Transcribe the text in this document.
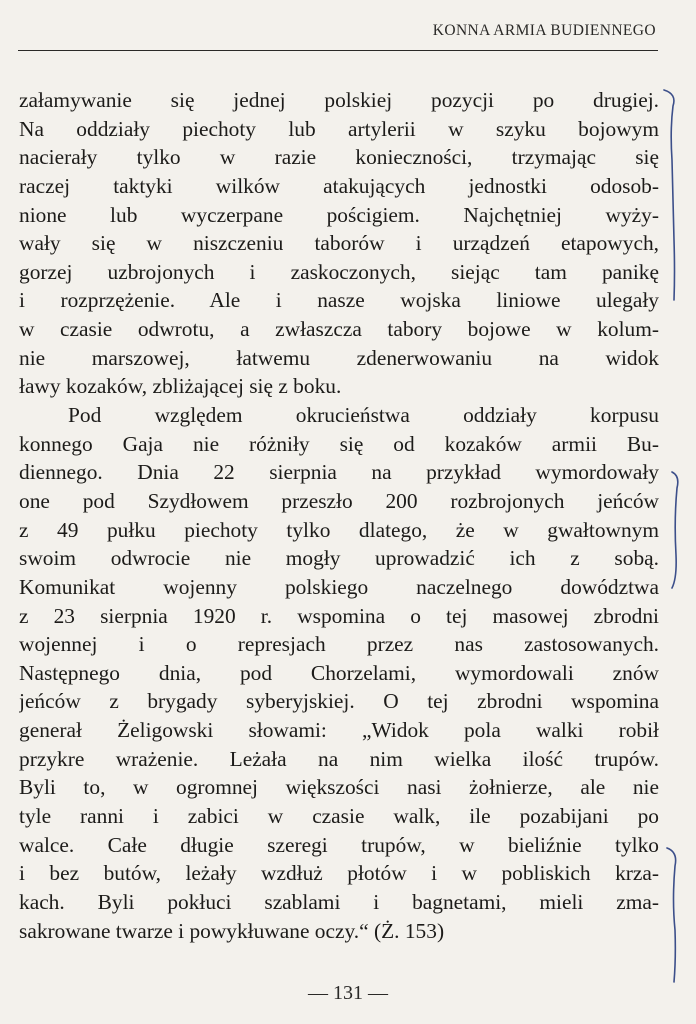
KONNA ARMIA BUDIENNEGO
załamywanie się jednej polskiej pozycji po drugiej.
Na oddziały piechoty lub artylerii w szyku bojowym
nacierały tylko w razie konieczności, trzymając się
raczej taktyki wilków atakujących jednostki odosob-
nione lub wyczerpane pościgiem. Najchętniej wyży-
wały się w niszczeniu taborów i urządzeń etapowych,
gorzej uzbrojonych i zaskoczonych, siejąc tam panikę
i rozprzężenie. Ale i nasze wojska liniowe ulegały
w czasie odwrotu, a zwłaszcza tabory bojowe w kolum-
nie marszowej, łatwemu zdenerwowaniu na widok
ławy kozaków, zbliżającej się z boku.
Pod względem okrucieństwa oddziały korpusu
konnego Gaja nie różniły się od kozaków armii Bu-
diennego. Dnia 22 sierpnia na przykład wymordowały
one pod Szydłowem przeszło 200 rozbrojonych jeńców
z 49 pułku piechoty tylko dlatego, że w gwałtownym
swoim odwrocie nie mogły uprowadzić ich z sobą.
Komunikat wojenny polskiego naczelnego dowództwa
z 23 sierpnia 1920 r. wspomina o tej masowej zbrodni
wojennej i o represjach przez nas zastosowanych.
Następnego dnia, pod Chorzelami, wymordowali znów
jeńców z brygady syberyjskiej. O tej zbrodni wspomina
generał Żeligowski słowami: „Widok pola walki robił
przykre wrażenie. Leżała na nim wielka ilość trupów.
Byli to, w ogromnej większości nasi żołnierze, ale nie
tyle ranni i zabici w czasie walk, ile pozabijani po
walce. Całe długie szeregi trupów, w bieliźnie tylko
i bez butów, leżały wzdłuż płotów i w pobliskich krza-
kach. Byli pokłuci szablami i bagnetami, mieli zma-
sakrowane twarze i powykłuwane oczy.“ (Ż. 153)
— 131 —
